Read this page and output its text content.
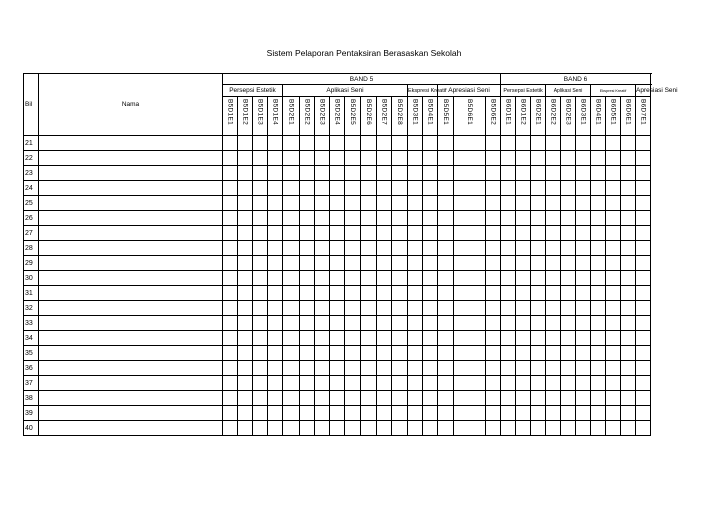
Sistem Pelaporan Pentaksiran Berasaskan Sekolah
Bil	Nama	BAND 5																	BAND 6										
		Persepsi Estetik				Aplikasi Seni								Ekspresi Kreatif		Apresiasi Seni			Persepsi Estetik			Aplikasi Seni			Ekspresi Kreatif			Apresiasi Seni	

		B5D1E1	B5D1E2	B5D1E3	B5D1E4	B5D2E1	B5D2E2	B5D2E3	B5D2E4	B5D2E5	B5D2E6	B5D2E7	B5D2E8	B5D3E1	B5D4E1	B5D5E1	B5D6E1	B5D6E2	B6D1E1	B6D1E2	B6D2E1	B6D2E2	B6D2E3	B6D3E1	B6D4E1	B6D5E1	B6D6E1	B6D7E1

21																														
22																														
23																														
24																														
25																														
26																														
27																														
28																														
29																														
30																														
31																														
32																														
33																														
34																														
35																														
36																														
37																														
38																														
39																														
40																														
